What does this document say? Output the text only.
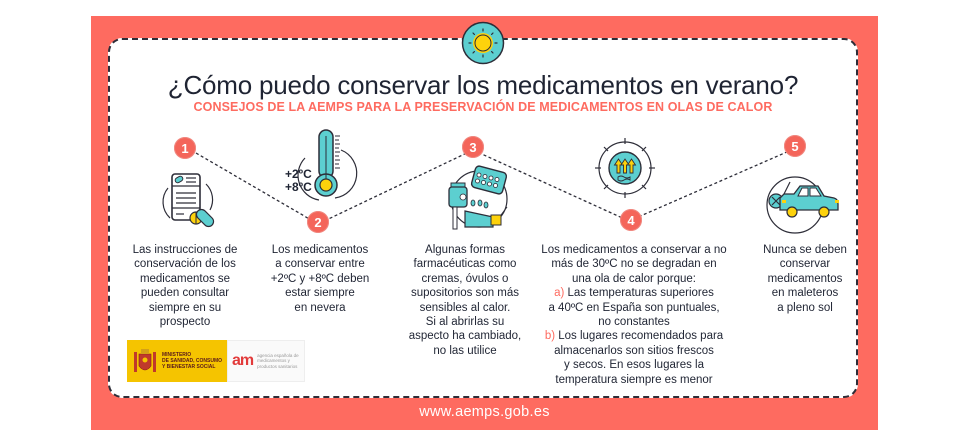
¿Cómo puedo conservar los medicamentos en verano?
CONSEJOS DE LA AEMPS PARA LA PRESERVACIÓN DE MEDICAMENTOS EN OLAS DE CALOR
1
2
3
4
5
+2ºC
+8ºC

Las instrucciones de

conservación de los

medicamentos se

pueden consultar

siempre en su

prospecto

Los medicamentos

a conservar entre

+2ºC y +8ºC deben

estar siempre

en nevera

Algunas formas

farmacéuticas como

cremas, óvulos o

supositorios son más

sensibles al calor.

Si al abrirlas su

aspecto ha cambiado,

no las utilice

Los medicamentos a conservar a no

más de 30ºC no se degradan en

una ola de calor porque:

a) Las temperaturas superiores

a 40ºC en España son puntuales,

no constantes

b) Los lugares recomendados para

almacenarlos son sitios frescos

y secos. En esos lugares la

temperatura siempre es menor

Nunca se deben

conservar

medicamentos

en maleteros

a pleno sol

MINISTERIO
DE SANIDAD, CONSUMO
Y BIENESTAR SOCIAL	am agencia española de
medicamentos y
productos sanitarios
www.aemps.gob.es
